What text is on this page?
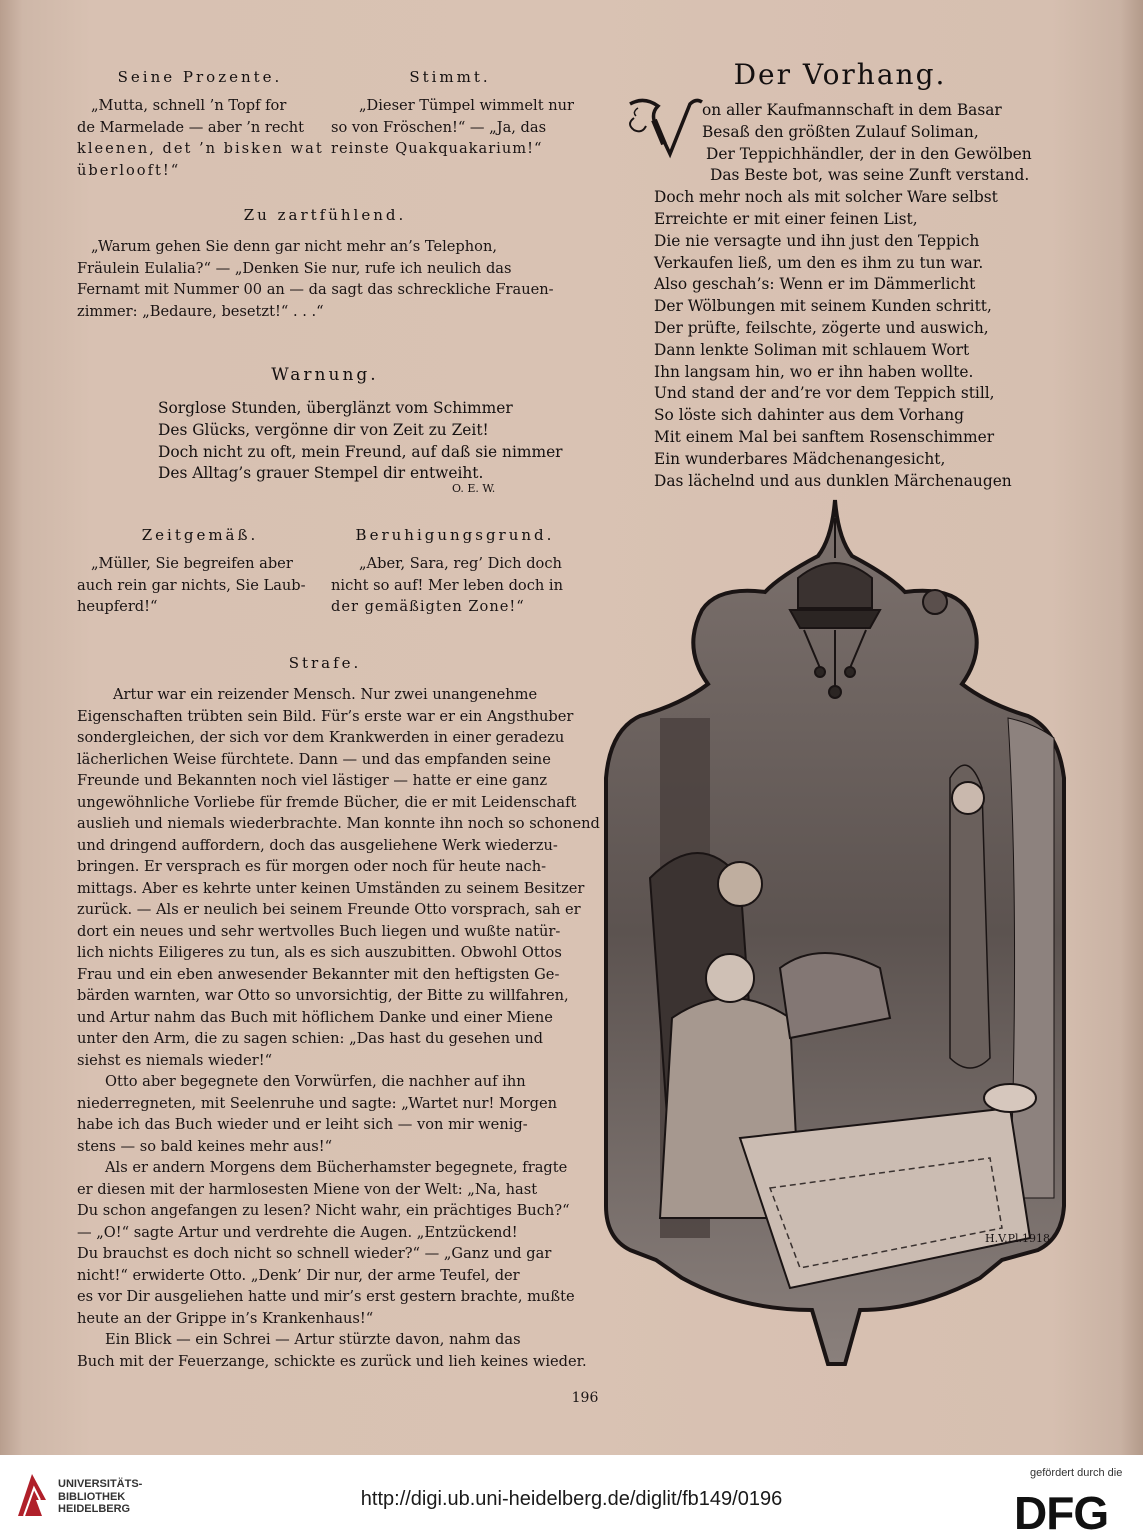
Seine Prozente.	Stimmt.
„Mutta, schnell ’n Topf for
de Marmelade — aber ’n recht
kleenen, det ’n bisken wat
überlooft!“
„Dieser Tümpel wimmelt nur
so von Fröschen!“ — „Ja, das
reinste Quakquakarium!“
Zu zartfühlend.
„Warum gehen Sie denn gar nicht mehr an’s Telephon,
Fräulein Eulalia?“ — „Denken Sie nur, rufe ich neulich das
Fernamt mit Nummer 00 an — da sagt das schreckliche Frauen-
zimmer: „Bedaure, besetzt!“ . . .“
Warnung.
Sorglose Stunden, überglänzt vom Schimmer
Des Glücks, vergönne dir von Zeit zu Zeit!
Doch nicht zu oft, mein Freund, auf daß sie nimmer
Des Alltag’s grauer Stempel dir entweiht.
O. E. W.
Zeitgemäß.	Beruhigungsgrund.
„Müller, Sie begreifen aber
auch rein gar nichts, Sie Laub-
heupferd!“
„Aber, Sara, reg’ Dich doch
nicht so auf! Mer leben doch in
der gemäßigten Zone!“
Strafe.
Artur war ein reizender Mensch. Nur zwei unangenehme
Eigenschaften trübten sein Bild. Für’s erste war er ein Angsthuber
sondergleichen, der sich vor dem Krankwerden in einer geradezu
lächerlichen Weise fürchtete. Dann — und das empfanden seine
Freunde und Bekannten noch viel lästiger — hatte er eine ganz
ungewöhnliche Vorliebe für fremde Bücher, die er mit Leidenschaft
auslieh und niemals wiederbrachte. Man konnte ihn noch so schonend
und dringend auffordern, doch das ausgeliehene Werk wiederzu-
bringen. Er versprach es für morgen oder noch für heute nach-
mittags. Aber es kehrte unter keinen Umständen zu seinem Besitzer
zurück. — Als er neulich bei seinem Freunde Otto vorsprach, sah er
dort ein neues und sehr wertvolles Buch liegen und wußte natür-
lich nichts Eiligeres zu tun, als es sich auszubitten. Obwohl Ottos
Frau und ein eben anwesender Bekannter mit den heftigsten Ge-
bärden warnten, war Otto so unvorsichtig, der Bitte zu willfahren,
und Artur nahm das Buch mit höflichem Danke und einer Miene
unter den Arm, die zu sagen schien: „Das hast du gesehen und
siehst es niemals wieder!“
Otto aber begegnete den Vorwürfen, die nachher auf ihn
niederregneten, mit Seelenruhe und sagte: „Wartet nur! Morgen
habe ich das Buch wieder und er leiht sich — von mir wenig-
stens — so bald keines mehr aus!“
Als er andern Morgens dem Bücherhamster begegnete, fragte
er diesen mit der harmlosesten Miene von der Welt: „Na, hast
Du schon angefangen zu lesen? Nicht wahr, ein prächtiges Buch?“
— „O!“ sagte Artur und verdrehte die Augen. „Entzückend!
Du brauchst es doch nicht so schnell wieder?“ — „Ganz und gar
nicht!“ erwiderte Otto. „Denk’ Dir nur, der arme Teufel, der
es vor Dir ausgeliehen hatte und mir’s erst gestern brachte, mußte
heute an der Grippe in’s Krankenhaus!“
Ein Blick — ein Schrei — Artur stürzte davon, nahm das
Buch mit der Feuerzange, schickte es zurück und lieh keines wieder.
Der Vorhang.
on aller Kaufmannschaft in dem Basar
Besaß den größten Zulauf Soliman,
Der Teppichhändler, der in den Gewölben
Das Beste bot, was seine Zunft verstand.
Doch mehr noch als mit solcher Ware selbst
Erreichte er mit einer feinen List,
Die nie versagte und ihn just den Teppich
Verkaufen ließ, um den es ihm zu tun war.
Also geschah’s: Wenn er im Dämmerlicht
Der Wölbungen mit seinem Kunden schritt,
Der prüfte, feilschte, zögerte und auswich,
Dann lenkte Soliman mit schlauem Wort
Ihn langsam hin, wo er ihn haben wollte.
Und stand der and’re vor dem Teppich still,
So löste sich dahinter aus dem Vorhang
Mit einem Mal bei sanftem Rosenschimmer
Ein wunderbares Mädchenangesicht,
Das lächelnd und aus dunklen Märchenaugen
H.V.Pl.1918
196
UNIVERSITÄTS-
BIBLIOTHEK
HEIDELBERG	http://digi.ub.uni-heidelberg.de/diglit/fb149/0196
gefördert durch die
DFG
